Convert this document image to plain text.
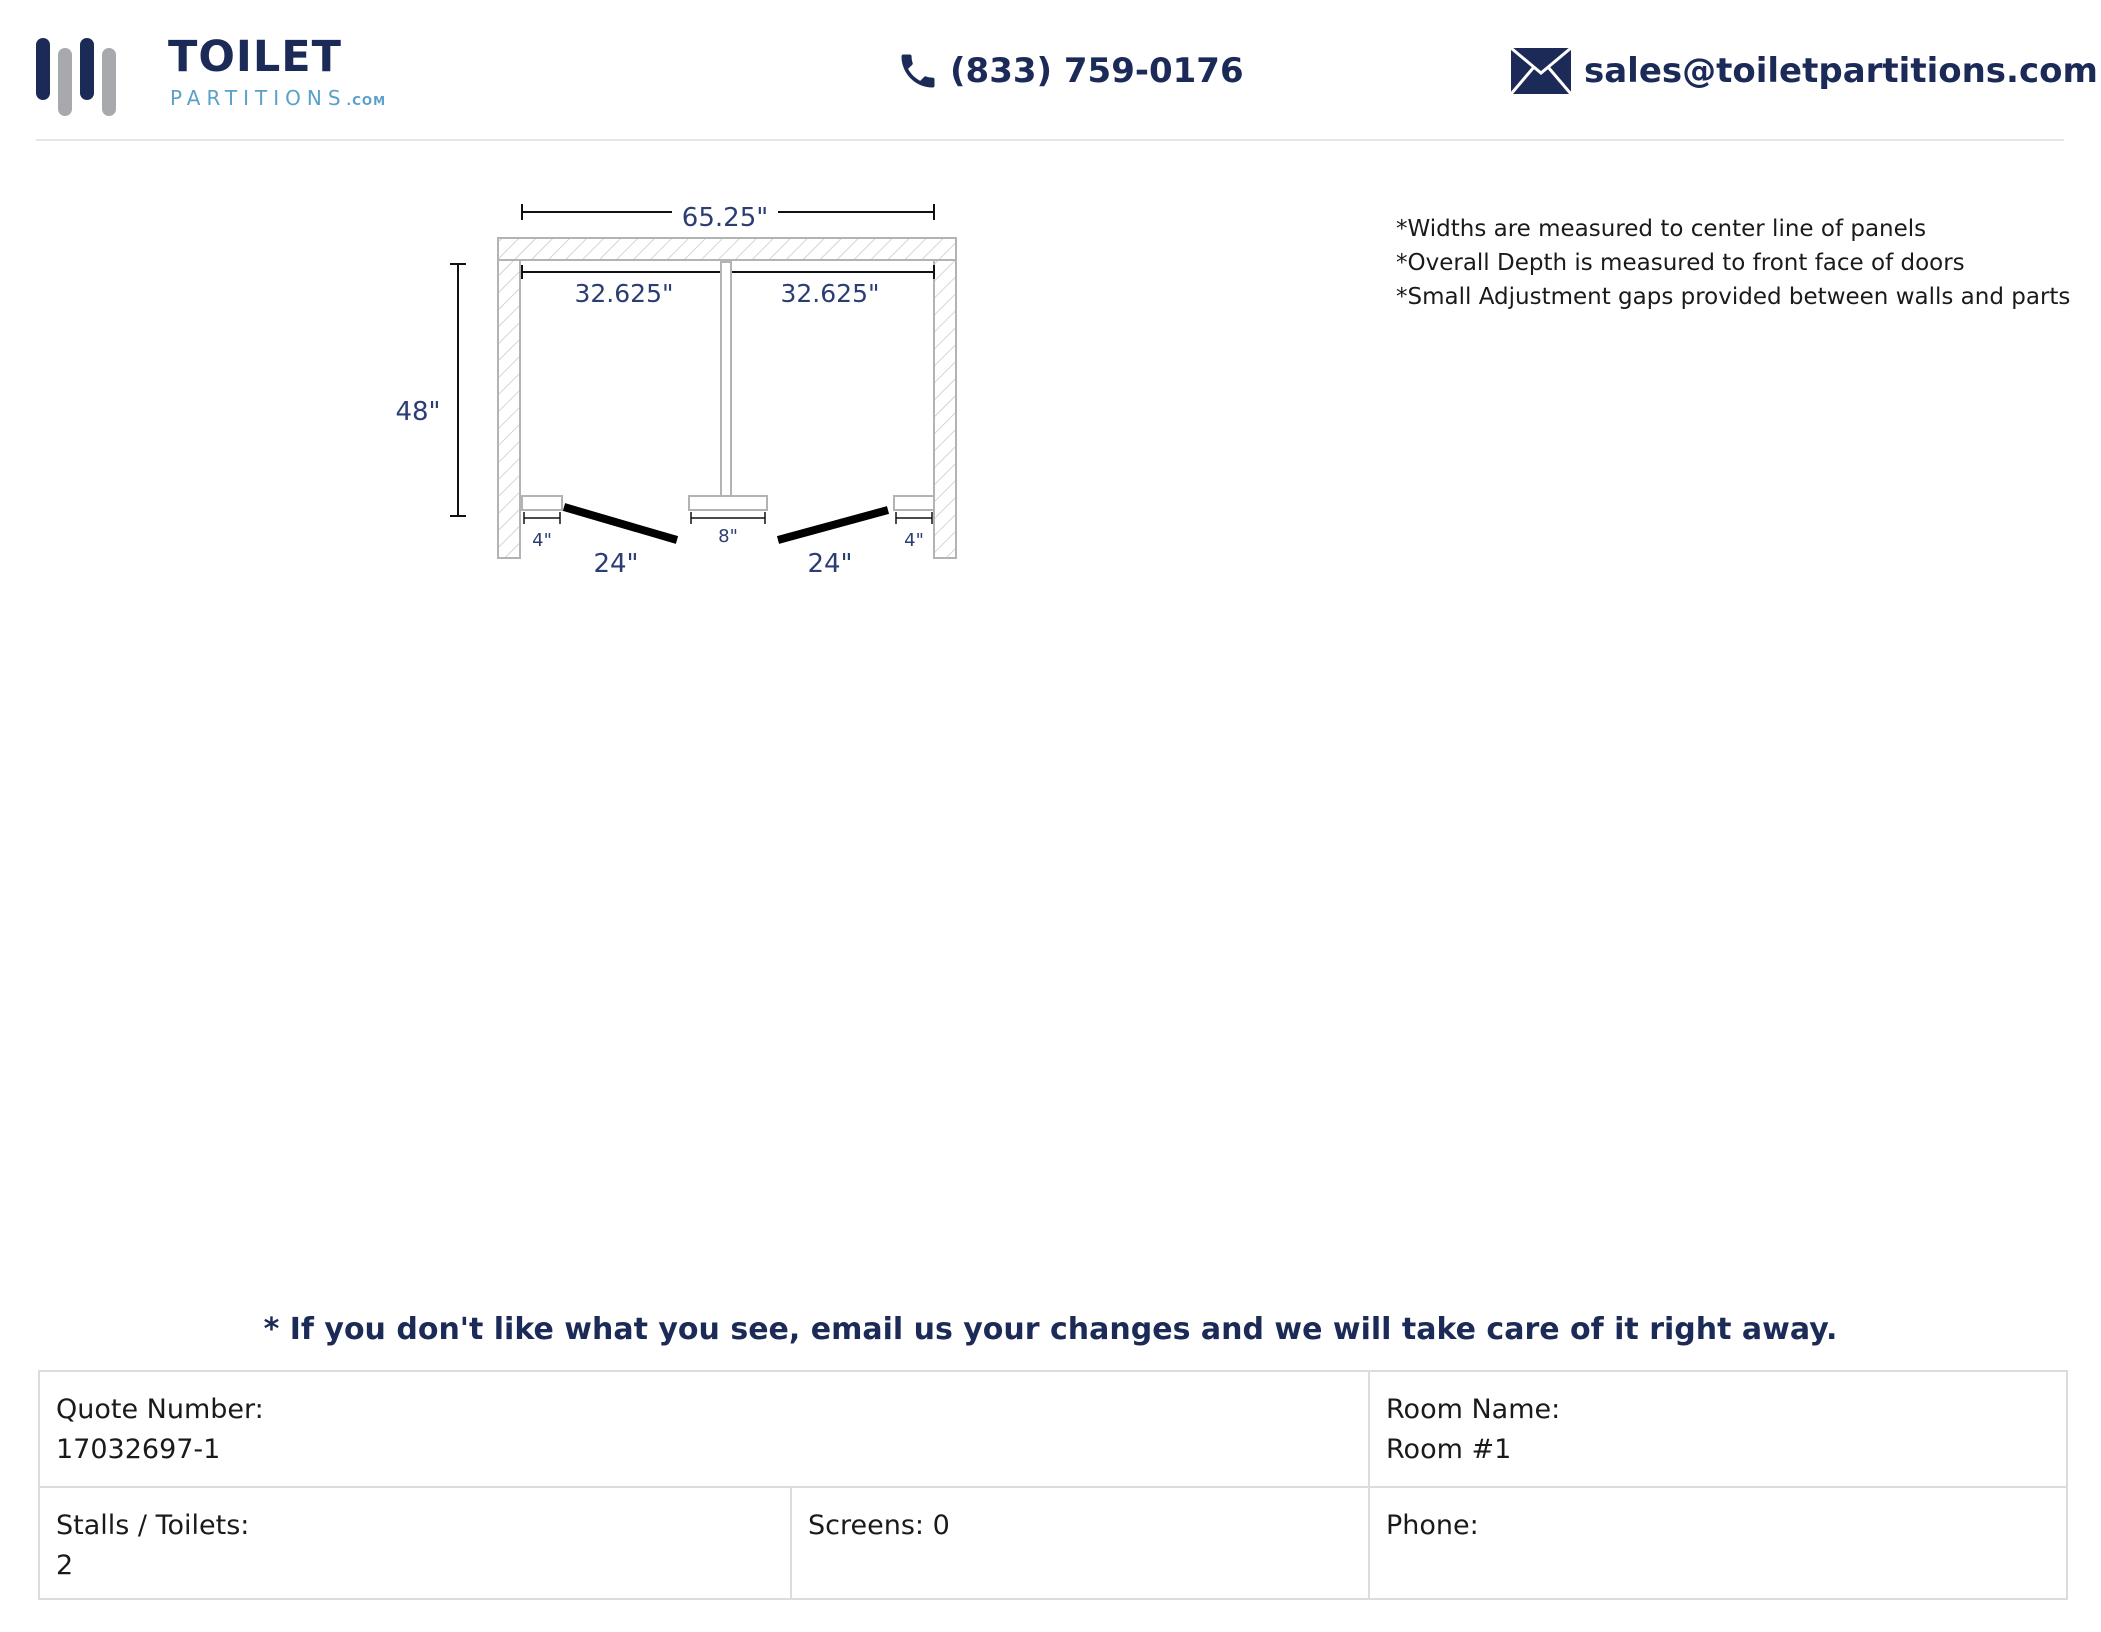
TOILET
PARTITIONS.COM
(833) 759-0176	sales@toiletpartitions.com
65.25"
48"
32.625"	32.625"
4"	8"	4"
24"	24"
*Widths are measured to center line of panels
*Overall Depth is measured to front face of doors
*Small Adjustment gaps provided between walls and parts
* If you don't like what you see, email us your changes and we will take care of it right away.
Quote Number:
17032697-1
Room Name:
Room #1
Stalls / Toilets:
2
Screens: 0	Phone:
